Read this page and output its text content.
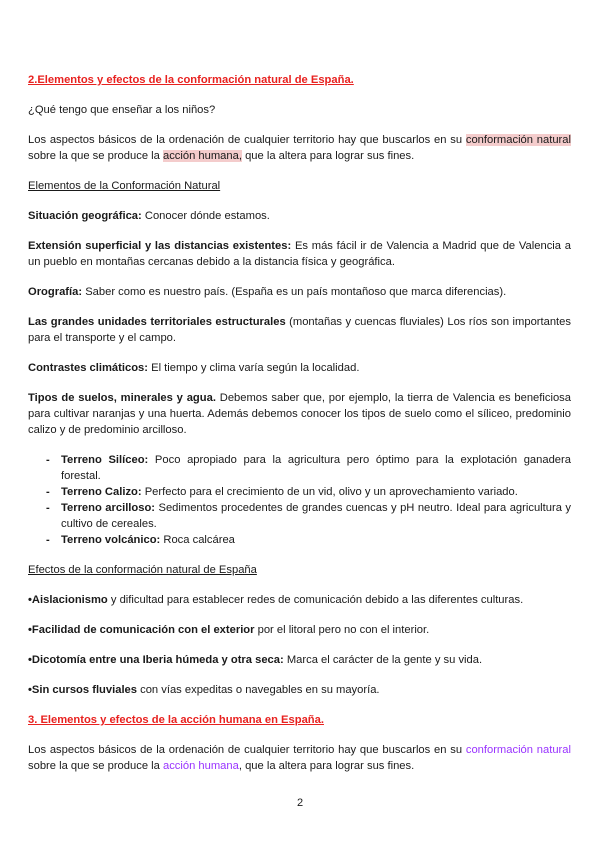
2.Elementos y efectos de la conformación natural de España.

¿Qué tengo que enseñar a los niños?

Los aspectos básicos de la ordenación de cualquier territorio hay que buscarlos en su conformación natural sobre la que se produce la acción humana, que la altera para lograr sus fines.

Elementos de la Conformación Natural

Situación geográfica: Conocer dónde estamos.

Extensión superficial y las distancias existentes: Es más fácil ir de Valencia a Madrid que de Valencia a un pueblo en montañas cercanas debido a la distancia física y geográfica.

Orografía: Saber como es nuestro país. (España es un país montañoso que marca diferencias).

Las grandes unidades territoriales estructurales (montañas y cuencas fluviales) Los ríos son importantes para el transporte y el campo.

Contrastes climáticos: El tiempo y clima varía según la localidad.

Tipos de suelos, minerales y agua. Debemos saber que, por ejemplo, la tierra de Valencia es beneficiosa para cultivar naranjas y una huerta. Además debemos conocer los tipos de suelo como el síliceo, predominio calizo y de predominio arcilloso.

- Terreno Silíceo: Poco apropiado para la agricultura pero óptimo para la explotación ganadera forestal.
- Terreno Calizo: Perfecto para el crecimiento de un vid, olivo y un aprovechamiento variado.
- Terreno arcilloso: Sedimentos procedentes de grandes cuencas y pH neutro. Ideal para agricultura y cultivo de cereales.
- Terreno volcánico: Roca calcárea

Efectos de la conformación natural de España

•Aislacionismo y dificultad para establecer redes de comunicación debido a las diferentes culturas.

•Facilidad de comunicación con el exterior por el litoral pero no con el interior.

•Dicotomía entre una Iberia húmeda y otra seca: Marca el carácter de la gente y su vida.

•Sin cursos fluviales con vías expeditas o navegables en su mayoría.

3. Elementos y efectos de la acción humana en España.

Los aspectos básicos de la ordenación de cualquier territorio hay que buscarlos en su conformación natural sobre la que se produce la acción humana, que la altera para lograr sus fines.

2
